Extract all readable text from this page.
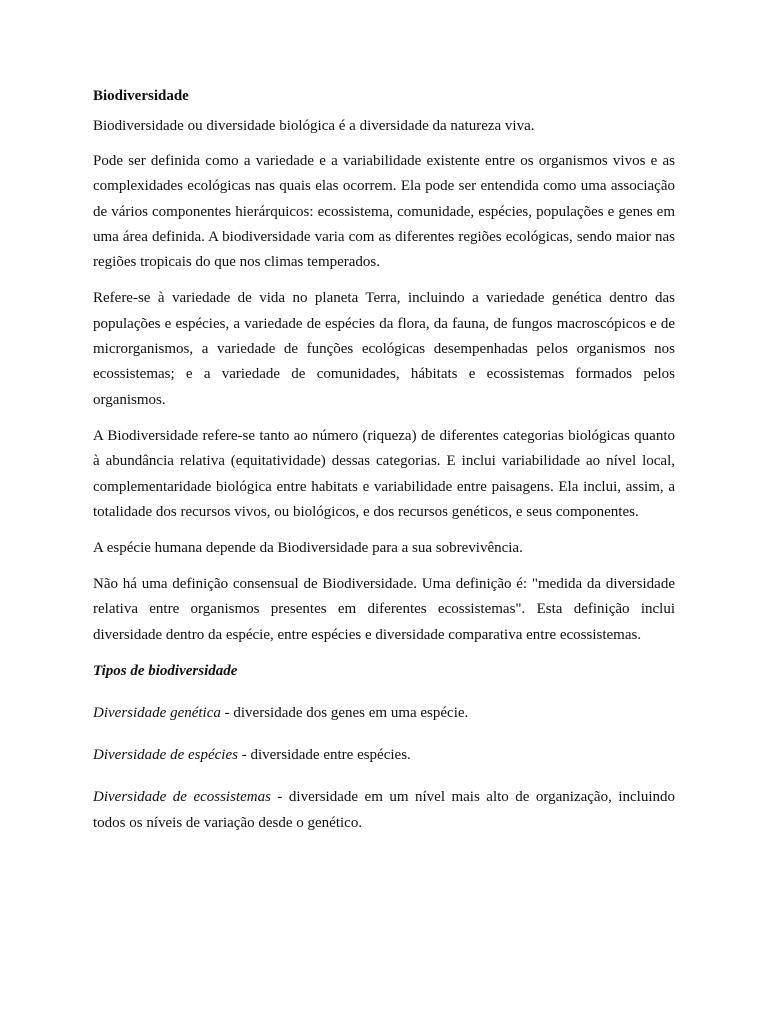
Biodiversidade
Biodiversidade ou diversidade biológica é a diversidade da natureza viva.
Pode ser definida como a variedade e a variabilidade existente entre os organismos vivos e as complexidades ecológicas nas quais elas ocorrem. Ela pode ser entendida como uma associação de vários componentes hierárquicos: ecossistema, comunidade, espécies, populações e genes em uma área definida. A biodiversidade varia com as diferentes regiões ecológicas, sendo maior nas regiões tropicais do que nos climas temperados.
Refere-se à variedade de vida no planeta Terra, incluindo a variedade genética dentro das populações e espécies, a variedade de espécies da flora, da fauna, de fungos macroscópicos e de microrganismos, a variedade de funções ecológicas desempenhadas pelos organismos nos ecossistemas; e a variedade de comunidades, hábitats e ecossistemas formados pelos organismos.
A Biodiversidade refere-se tanto ao número (riqueza) de diferentes categorias biológicas quanto à abundância relativa (equitatividade) dessas categorias. E inclui variabilidade ao nível local, complementaridade biológica entre habitats e variabilidade entre paisagens. Ela inclui, assim, a totalidade dos recursos vivos, ou biológicos, e dos recursos genéticos, e seus componentes.
A espécie humana depende da Biodiversidade para a sua sobrevivência.
Não há uma definição consensual de Biodiversidade. Uma definição é: "medida da diversidade relativa entre organismos presentes em diferentes ecossistemas". Esta definição inclui diversidade dentro da espécie, entre espécies e diversidade comparativa entre ecossistemas.
Tipos de biodiversidade
Diversidade genética - diversidade dos genes em uma espécie.
Diversidade de espécies - diversidade entre espécies.
Diversidade de ecossistemas - diversidade em um nível mais alto de organização, incluindo todos os níveis de variação desde o genético.
